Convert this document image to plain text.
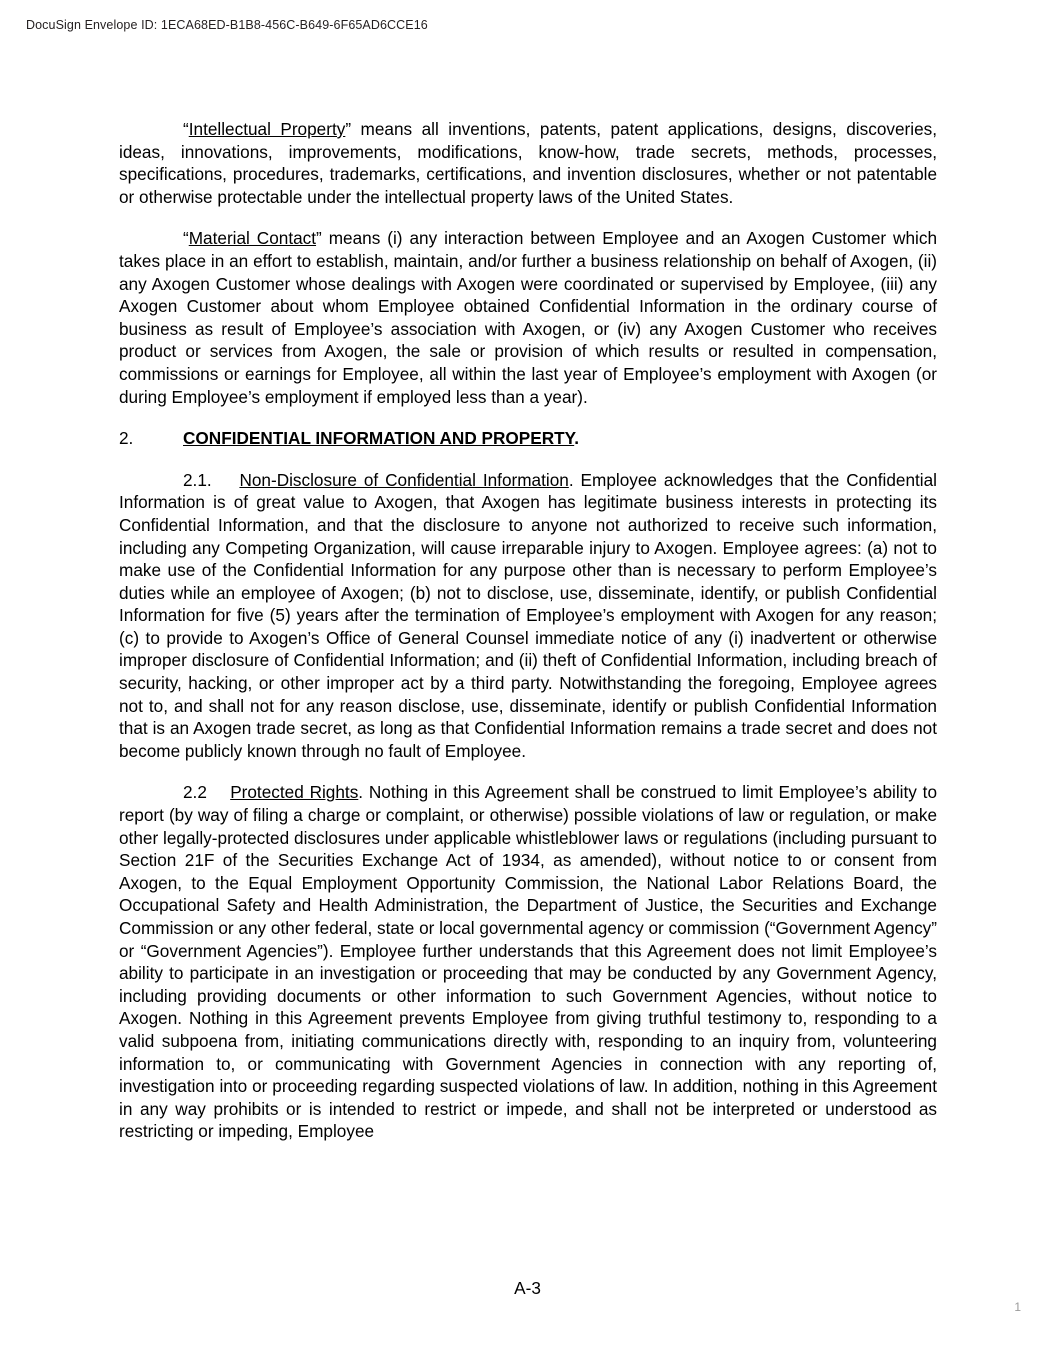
DocuSign Envelope ID: 1ECA68ED-B1B8-456C-B649-6F65AD6CCE16

“Intellectual Property” means all inventions, patents, patent applications, designs, discoveries, ideas, innovations, improvements, modifications, know-how, trade secrets, methods, processes, specifications, procedures, trademarks, certifications, and invention disclosures, whether or not patentable or otherwise protectable under the intellectual property laws of the United States.

“Material Contact” means (i) any interaction between Employee and an Axogen Customer which takes place in an effort to establish, maintain, and/or further a business relationship on behalf of Axogen, (ii) any Axogen Customer whose dealings with Axogen were coordinated or supervised by Employee, (iii) any Axogen Customer about whom Employee obtained Confidential Information in the ordinary course of business as result of Employee’s association with Axogen, or (iv) any Axogen Customer who receives product or services from Axogen, the sale or provision of which results or resulted in compensation, commissions or earnings for Employee, all within the last year of Employee’s employment with Axogen (or during Employee’s employment if employed less than a year).

2.	CONFIDENTIAL INFORMATION AND PROPERTY.

2.1. Non-Disclosure of Confidential Information. Employee acknowledges that the Confidential Information is of great value to Axogen, that Axogen has legitimate business interests in protecting its Confidential Information, and that the disclosure to anyone not authorized to receive such information, including any Competing Organization, will cause irreparable injury to Axogen. Employee agrees: (a) not to make use of the Confidential Information for any purpose other than is necessary to perform Employee’s duties while an employee of Axogen; (b) not to disclose, use, disseminate, identify, or publish Confidential Information for five (5) years after the termination of Employee’s employment with Axogen for any reason; (c) to provide to Axogen’s Office of General Counsel immediate notice of any (i) inadvertent or otherwise improper disclosure of Confidential Information; and (ii) theft of Confidential Information, including breach of security, hacking, or other improper act by a third party. Notwithstanding the foregoing, Employee agrees not to, and shall not for any reason disclose, use, disseminate, identify or publish Confidential Information that is an Axogen trade secret, as long as that Confidential Information remains a trade secret and does not become publicly known through no fault of Employee.

2.2 Protected Rights. Nothing in this Agreement shall be construed to limit Employee’s ability to report (by way of filing a charge or complaint, or otherwise) possible violations of law or regulation, or make other legally-protected disclosures under applicable whistleblower laws or regulations (including pursuant to Section 21F of the Securities Exchange Act of 1934, as amended), without notice to or consent from Axogen, to the Equal Employment Opportunity Commission, the National Labor Relations Board, the Occupational Safety and Health Administration, the Department of Justice, the Securities and Exchange Commission or any other federal, state or local governmental agency or commission (“Government Agency” or “Government Agencies”). Employee further understands that this Agreement does not limit Employee’s ability to participate in an investigation or proceeding that may be conducted by any Government Agency, including providing documents or other information to such Government Agencies, without notice to Axogen. Nothing in this Agreement prevents Employee from giving truthful testimony to, responding to a valid subpoena from, initiating communications directly with, responding to an inquiry from, volunteering information to, or communicating with Government Agencies in connection with any reporting of, investigation into or proceeding regarding suspected violations of law. In addition, nothing in this Agreement in any way prohibits or is intended to restrict or impede, and shall not be interpreted or understood as restricting or impeding, Employee

A-3
1
